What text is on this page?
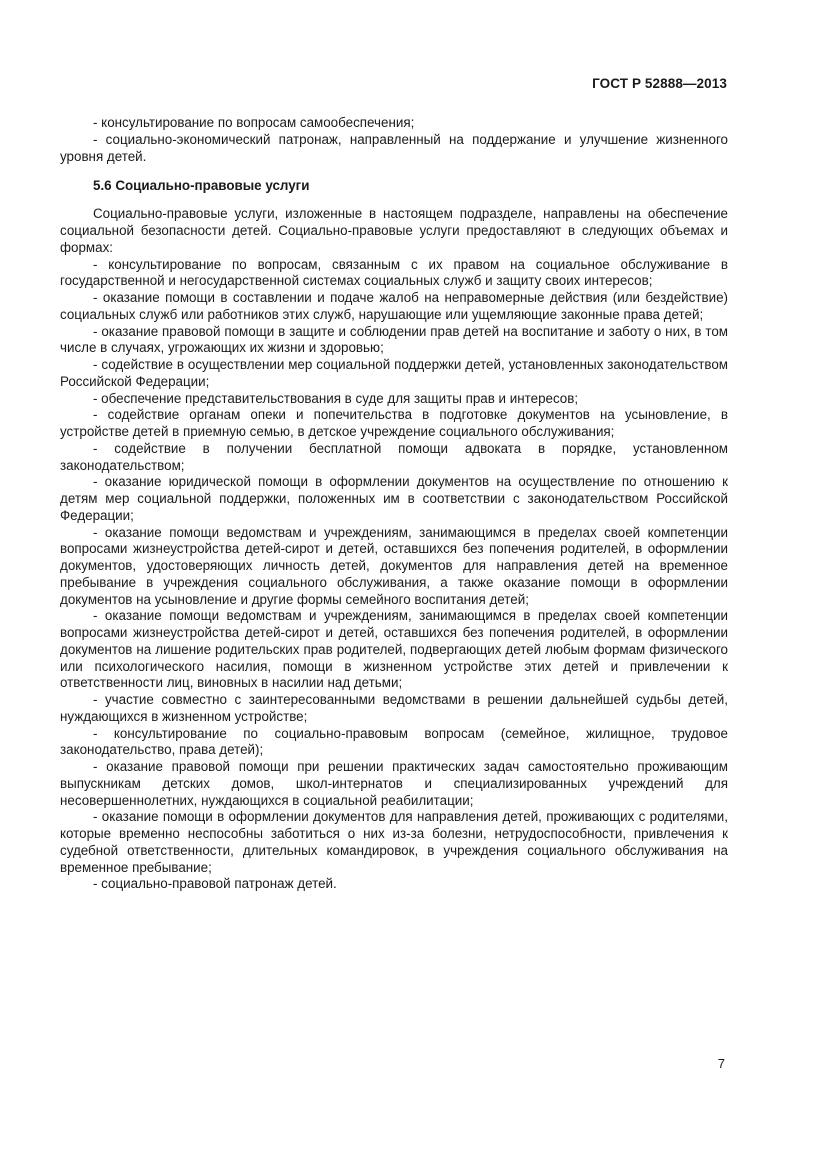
ГОСТ Р 52888—2013

- консультирование по вопросам самообеспечения;

- социально-экономический патронаж, направленный на поддержание и улучшение жизненного уровня детей.

5.6 Социально-правовые услуги

Социально-правовые услуги, изложенные в настоящем подразделе, направлены на обеспечение социальной безопасности детей. Социально-правовые услуги предоставляют в следующих объемах и формах:

- консультирование по вопросам, связанным с их правом на социальное обслуживание в государственной и негосударственной системах социальных служб и защиту своих интересов;

- оказание помощи в составлении и подаче жалоб на неправомерные действия (или бездействие) социальных служб или работников этих служб, нарушающие или ущемляющие законные права детей;

- оказание правовой помощи в защите и соблюдении прав детей на воспитание и заботу о них, в том числе в случаях, угрожающих их жизни и здоровью;

- содействие в осуществлении мер социальной поддержки детей, установленных законодательством Российской Федерации;

- обеспечение представительствования в суде для защиты прав и интересов;

- содействие органам опеки и попечительства в подготовке документов на усыновление, в устройстве детей в приемную семью, в детское учреждение социального обслуживания;

- содействие в получении бесплатной помощи адвоката в порядке, установленном законодательством;

- оказание юридической помощи в оформлении документов на осуществление по отношению к детям мер социальной поддержки, положенных им в соответствии с законодательством Российской Федерации;

- оказание помощи ведомствам и учреждениям, занимающимся в пределах своей компетенции вопросами жизнеустройства детей-сирот и детей, оставшихся без попечения родителей, в оформлении документов, удостоверяющих личность детей, документов для направления детей на временное пребывание в учреждения социального обслуживания, а также оказание помощи в оформлении документов на усыновление и другие формы семейного воспитания детей;

- оказание помощи ведомствам и учреждениям, занимающимся в пределах своей компетенции вопросами жизнеустройства детей-сирот и детей, оставшихся без попечения родителей, в оформлении документов на лишение родительских прав родителей, подвергающих детей любым формам физического или психологического насилия, помощи в жизненном устройстве этих детей и привлечении к ответственности лиц, виновных в насилии над детьми;

- участие совместно с заинтересованными ведомствами в решении дальнейшей судьбы детей, нуждающихся в жизненном устройстве;

- консультирование по социально-правовым вопросам (семейное, жилищное, трудовое законодательство, права детей);

- оказание правовой помощи при решении практических задач самостоятельно проживающим выпускникам детских домов, школ-интернатов и специализированных учреждений для несовершеннолетних, нуждающихся в социальной реабилитации;

- оказание помощи в оформлении документов для направления детей, проживающих с родителями, которые временно неспособны заботиться о них из-за болезни, нетрудоспособности, привлечения к судебной ответственности, длительных командировок, в учреждения социального обслуживания на временное пребывание;

- социально-правовой патронаж детей.

7
